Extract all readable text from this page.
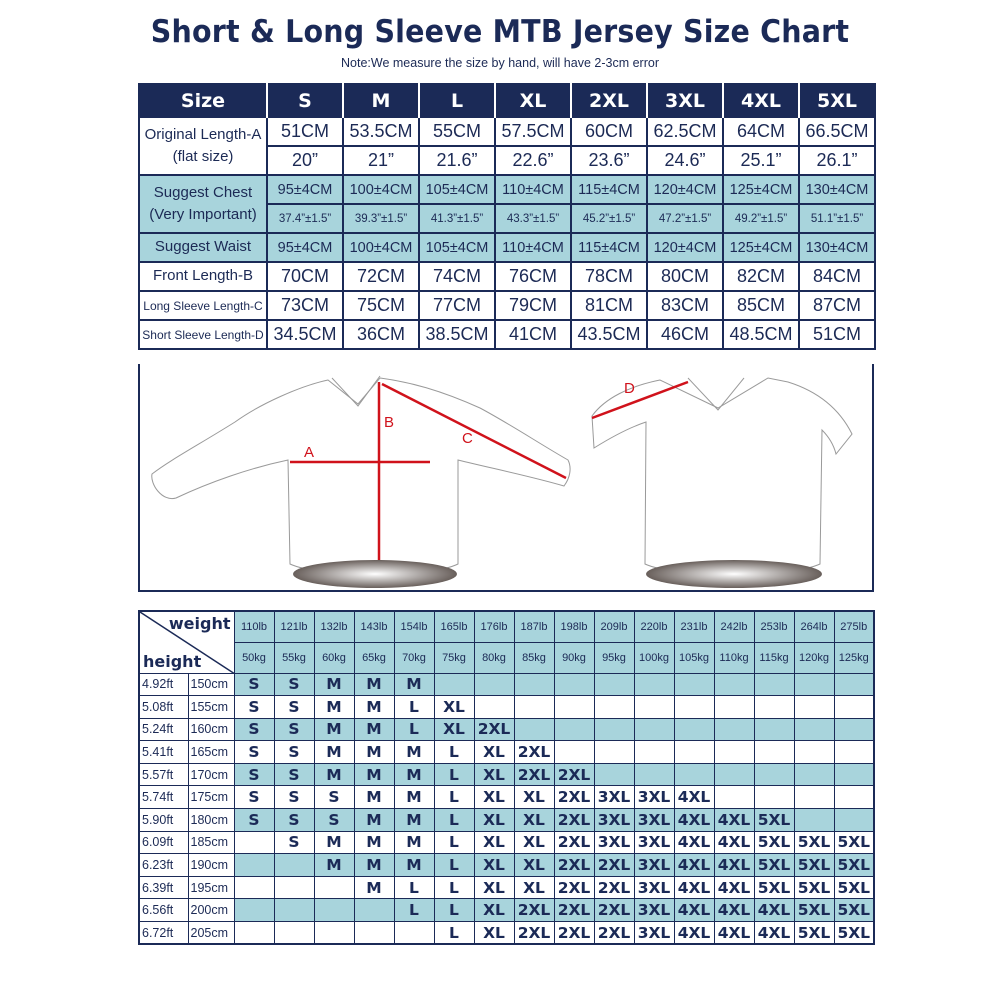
Short & Long Sleeve MTB Jersey Size Chart
Note:We measure the size by hand, will have 2-3cm error
Size	S	M	L	XL	2XL	3XL	4XL	5XL
Original Length-A (flat size)	51CM	53.5CM	55CM	57.5CM	60CM	62.5CM	64CM	66.5CM
	20”	21”	21.6”	22.6”	23.6”	24.6”	25.1”	26.1”
Suggest Chest (Very Important)	95±4CM	100±4CM	105±4CM	110±4CM	115±4CM	120±4CM	125±4CM	130±4CM
	37.4”±1.5”	39.3”±1.5”	41.3”±1.5”	43.3”±1.5”	45.2”±1.5”	47.2”±1.5”	49.2”±1.5”	51.1”±1.5”
Suggest Waist	95±4CM	100±4CM	105±4CM	110±4CM	115±4CM	120±4CM	125±4CM	130±4CM
Front Length-B	70CM	72CM	74CM	76CM	78CM	80CM	82CM	84CM
Long Sleeve Length-C	73CM	75CM	77CM	79CM	81CM	83CM	85CM	87CM
Short Sleeve Length-D	34.5CM	36CM	38.5CM	41CM	43.5CM	46CM	48.5CM	51CM
A
B
C
D
weight
height		110lb	121lb	132lb	143lb	154lb	165lb	176lb	187lb	198lb	209lb	220lb	231lb	242lb	253lb	264lb	275lb
		50kg	55kg	60kg	65kg	70kg	75kg	80kg	85kg	90kg	95kg	100kg	105kg	110kg	115kg	120kg	125kg
4.92ft	150cm	S	S	M	M	M											
5.08ft	155cm	S	S	M	M	L	XL										
5.24ft	160cm	S	S	M	M	L	XL	2XL									
5.41ft	165cm	S	S	M	M	M	L	XL	2XL								
5.57ft	170cm	S	S	M	M	M	L	XL	2XL	2XL							
5.74ft	175cm	S	S	S	M	M	L	XL	XL	2XL	3XL	3XL	4XL				
5.90ft	180cm	S	S	S	M	M	L	XL	XL	2XL	3XL	3XL	4XL	4XL	5XL		
6.09ft	185cm		S	M	M	M	L	XL	XL	2XL	3XL	3XL	4XL	4XL	5XL	5XL	5XL
6.23ft	190cm			M	M	M	L	XL	XL	2XL	2XL	3XL	4XL	4XL	5XL	5XL	5XL
6.39ft	195cm				M	L	L	XL	XL	2XL	2XL	3XL	4XL	4XL	5XL	5XL	5XL
6.56ft	200cm					L	L	XL	2XL	2XL	2XL	3XL	4XL	4XL	4XL	5XL	5XL
6.72ft	205cm						L	XL	2XL	2XL	2XL	3XL	4XL	4XL	4XL	5XL	5XL
